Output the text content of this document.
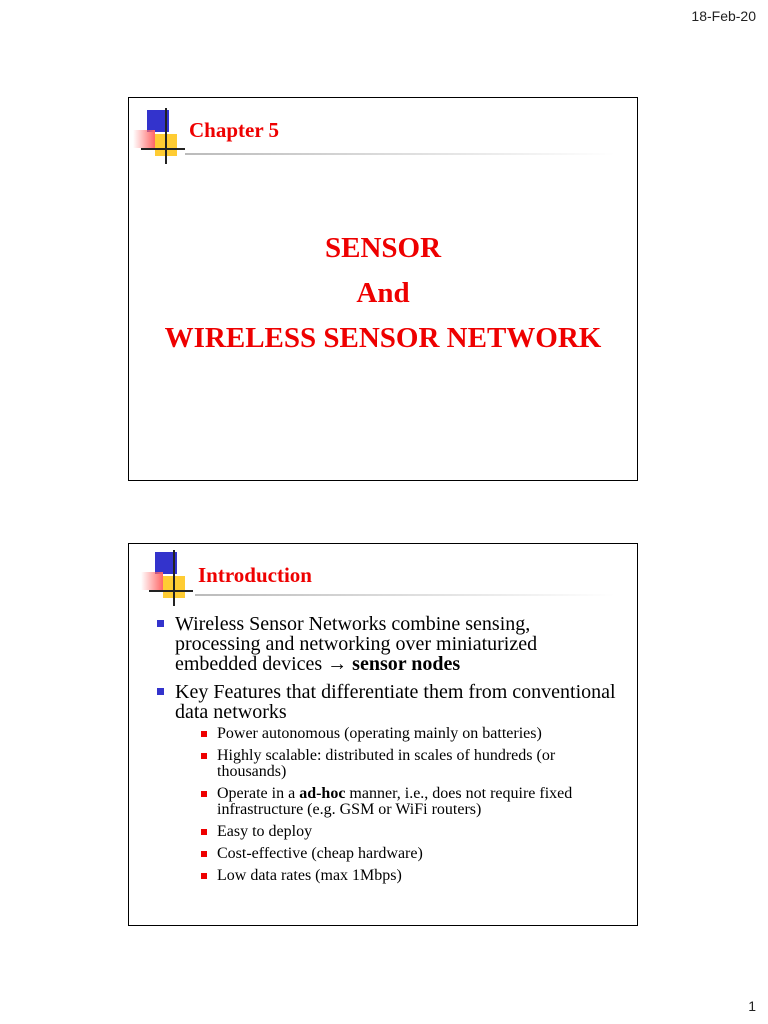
18-Feb-20
Chapter 5
SENSOR
And
WIRELESS SENSOR NETWORK
Introduction
Wireless Sensor Networks combine sensing, processing and networking over miniaturized embedded devices → sensor nodes
Key Features that differentiate them from conventional data networks
Power autonomous (operating mainly on batteries)
Highly scalable: distributed in scales of hundreds (or thousands)
Operate in a ad-hoc manner, i.e., does not require fixed infrastructure (e.g. GSM or WiFi routers)
Easy to deploy
Cost-effective (cheap hardware)
Low data rates (max 1Mbps)
1
